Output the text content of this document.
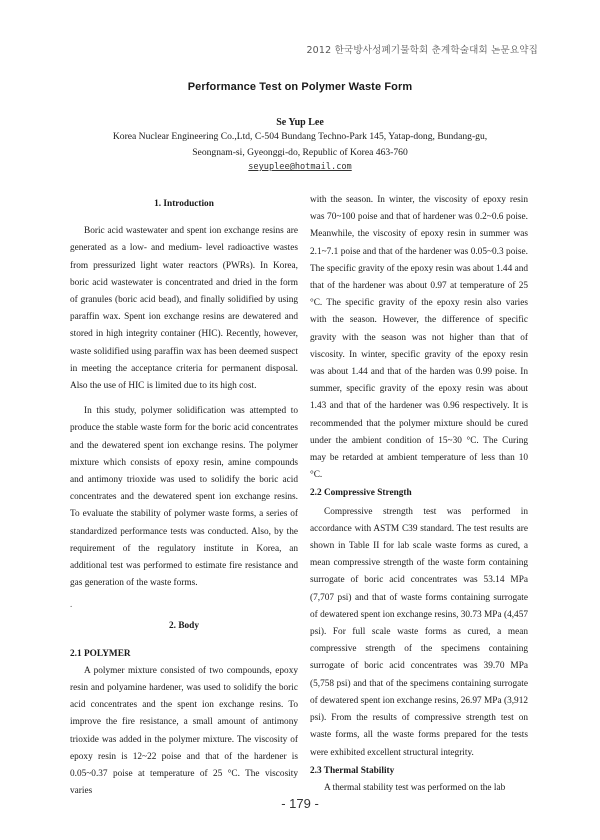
2012 한국방사성폐기물학회 춘계학술대회 논문요약집
Performance Test on Polymer Waste Form
Se Yup Lee
Korea Nuclear Engineering Co.,Ltd, C-504 Bundang Techno-Park 145, Yatap-dong, Bundang-gu,
Seongnam-si, Gyeonggi-do, Republic of Korea 463-760
seyuplee@hotmail.com
1. Introduction

Boric acid wastewater and spent ion exchange resins are generated as a low- and medium- level radioactive wastes from pressurized light water reactors (PWRs). In Korea, boric acid wastewater is concentrated and dried in the form of granules (boric acid bead), and finally solidified by using paraffin wax. Spent ion exchange resins are dewatered and stored in high integrity container (HIC). Recently, however, waste solidified using paraffin wax has been deemed suspect in meeting the acceptance criteria for permanent disposal. Also the use of HIC is limited due to its high cost.

In this study, polymer solidification was attempted to produce the stable waste form for the boric acid concentrates and the dewatered spent ion exchange resins. The polymer mixture which consists of epoxy resin, amine compounds and antimony trioxide was used to solidify the boric acid concentrates and the dewatered spent ion exchange resins. To evaluate the stability of polymer waste forms, a series of standardized performance tests was conducted. Also, by the requirement of the regulatory institute in Korea, an additional test was performed to estimate fire resistance and gas generation of the waste forms.

.
2. Body
2.1 POLYMER

A polymer mixture consisted of two compounds, epoxy resin and polyamine hardener, was used to solidify the boric acid concentrates and the spent ion exchange resins. To improve the fire resistance, a small amount of antimony trioxide was added in the polymer mixture. The viscosity of epoxy resin is 12~22 poise and that of the hardener is 0.05~0.37 poise at temperature of 25 °C. The viscosity varies

with the season. In winter, the viscosity of epoxy resin was 70~100 poise and that of hardener was 0.2~0.6 poise. Meanwhile, the viscosity of epoxy resin in summer was 2.1~7.1 poise and that of the hardener was 0.05~0.3 poise. The specific gravity of the epoxy resin was about 1.44 and that of the hardener was about 0.97 at temperature of 25 °C. The specific gravity of the epoxy resin also varies with the season. However, the difference of specific gravity with the season was not higher than that of viscosity. In winter, specific gravity of the epoxy resin was about 1.44 and that of the harden was 0.99 poise. In summer, specific gravity of the epoxy resin was about 1.43 and that of the hardener was 0.96 respectively. It is recommended that the polymer mixture should be cured under the ambient condition of 15~30 °C. The Curing may be retarded at ambient temperature of less than 10 °C.

2.2 Compressive Strength

Compressive strength test was performed in accordance with ASTM C39 standard. The test results are shown in Table II for lab scale waste forms as cured, a mean compressive strength of the waste form containing surrogate of boric acid concentrates was 53.14 MPa (7,707 psi) and that of waste forms containing surrogate of dewatered spent ion exchange resins, 30.73 MPa (4,457 psi). For full scale waste forms as cured, a mean compressive strength of the specimens containing surrogate of boric acid concentrates was 39.70 MPa (5,758 psi) and that of the specimens containing surrogate of dewatered spent ion exchange resins, 26.97 MPa (3,912 psi). From the results of compressive strength test on waste forms, all the waste forms prepared for the tests were exhibited excellent structural integrity.

2.3 Thermal Stability

A thermal stability test was performed on the lab

- 179 -
